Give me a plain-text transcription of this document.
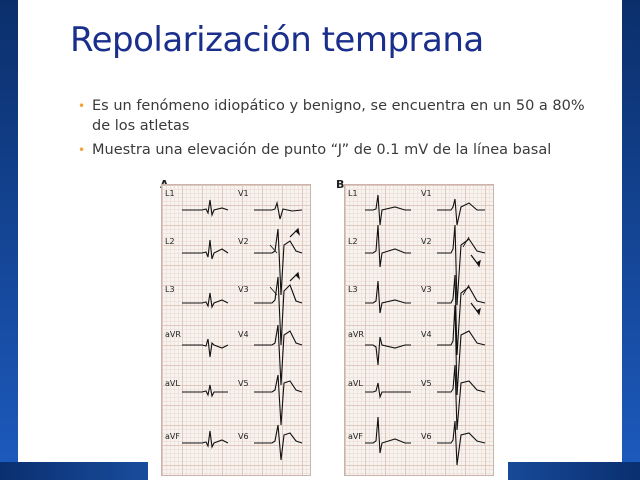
Repolarización temprana
• Es un fenómeno idiopático y benigno, se encuentra en un 50 a 80% de los atletas
• Muestra una elevación de punto “J” de 0.1 mV de la línea basal
B
L1
L2
L3
aVR
aVL
aVF
V1
V2
V3
V4
V5
V6
L1
L2
L3
aVR
aVL
aVF
V1
V2
V3
V4
V5
V6
